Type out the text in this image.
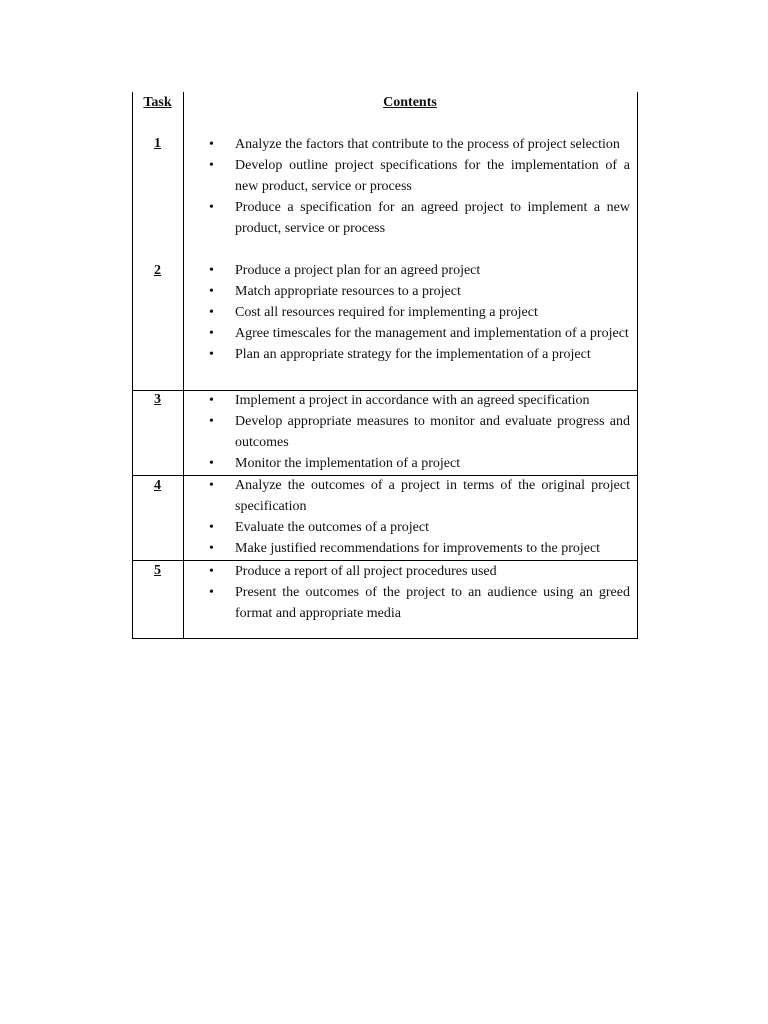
Task	Contents
1
2
3
4
5
• Analyze the factors that contribute to the process of project selection
• Develop outline project specifications for the implementation of a new product, service or process
• Produce a specification for an agreed project to implement a new product, service or process
• Produce a project plan for an agreed project
• Match appropriate resources to a project
• Cost all resources required for implementing a project
• Agree timescales for the management and implementation of a project
• Plan an appropriate strategy for the implementation of a project
• Implement a project in accordance with an agreed specification
• Develop appropriate measures to monitor and evaluate progress and outcomes
• Monitor the implementation of a project
• Analyze the outcomes of a project in terms of the original project specification
• Evaluate the outcomes of a project
• Make justified recommendations for improvements to the project
• Produce a report of all project procedures used
• Present the outcomes of the project to an audience using an greed format and appropriate media
